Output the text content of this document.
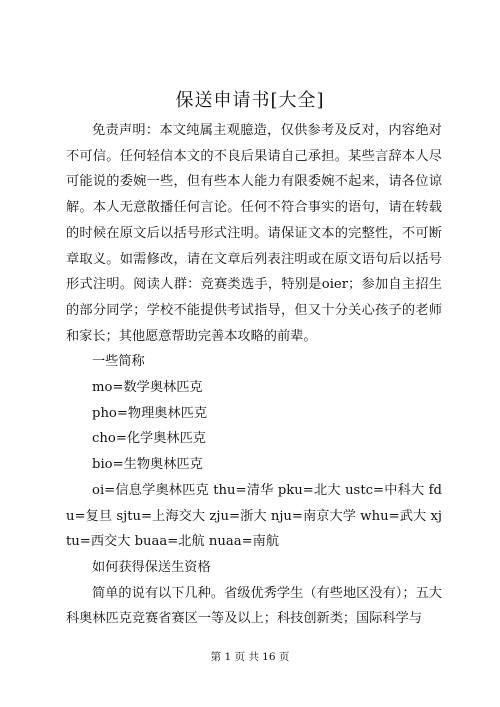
保送申请书[大全]

免责声明：本文纯属主观臆造，仅供参考及反对，内容绝对不可信。任何轻信本文的不良后果请自己承担。某些言辞本人尽可能说的委婉一些，但有些本人能力有限委婉不起来，请各位谅解。本人无意散播任何言论。任何不符合事实的语句，请在转载的时候在原文后以括号形式注明。请保证文本的完整性，不可断章取义。如需修改，请在文章后列表注明或在原文语句后以括号形式注明。阅读人群：竞赛类选手，特别是oier；参加自主招生的部分同学；学校不能提供考试指导，但又十分关心孩子的老师和家长；其他愿意帮助完善本攻略的前辈。

一些简称

mo=数学奥林匹克

pho=物理奥林匹克

cho=化学奥林匹克

bio=生物奥林匹克

oi=信息学奥林匹克 thu=清华 pku=北大 ustc=中科大 fdu=复旦 sjtu=上海交大 zju=浙大 nju=南京大学 whu=武大 xjtu=西交大 buaa=北航 nuaa=南航

如何获得保送生资格

简单的说有以下几种。省级优秀学生（有些地区没有）；五大科奥林匹克竞赛省赛区一等及以上；科技创新类；国际科学与

第 1 页 共 16 页
